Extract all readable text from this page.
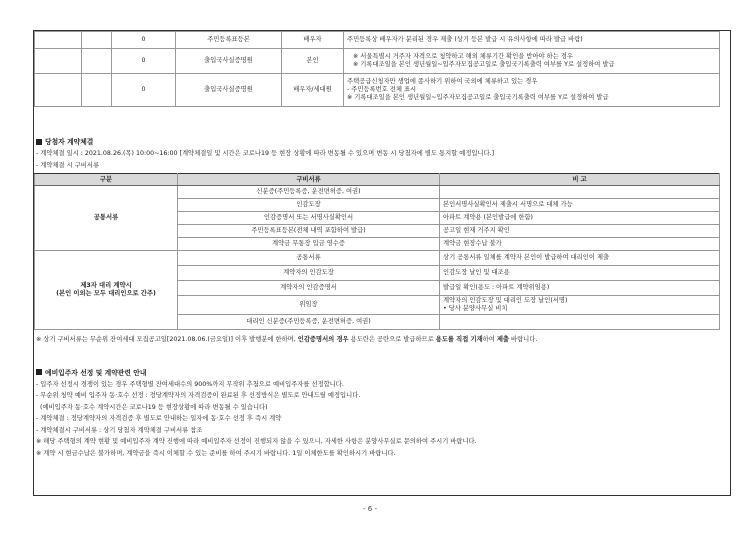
		0	주민등록표등본	배우자	주민등록상 배우자가 분리된 경우 제출 (상기 등본 발급 시 유의사항에 따라 발급 바람)
		0	출입국사실증명원	본인	※ 서울특별시 거주자 자격으로 청약하고 해외 체류기간 확인을 받아야 하는 경우
※ 기록대조일을 본인 생년월일~입주자모집공고일로 출입국기록출력 여부를 Y로 설정하여 발급

		0	출입국사실증명원	배우자/세대원	주택공급신청자만 생업에 종사하기 위하여 국외에 체류하고 있는 경우
- 주민등록번호 전체 표시
※ 기록대조일을 본인 생년월일~입주자모집공고일로 출입국기록출력 여부를 Y로 설정하여 발급
당첨자 계약체결
- 계약체결 일시 : 2021.08.26.(목) 10:00~16:00 [계약체결일 및 시간은 코로나19 등 현장 상황에 따라 변동될 수 있으며 변동 시 당첨자에 별도 통지할 예정입니다.]
- 계약체결 시 구비서류
구분	구비서류	비 고
공통서류	신분증(주민등록증, 운전면허증, 여권)	
	인감도장	본인서명사실확인서 제출시 서명으로 대체 가능
	인감증명서 또는 서명사실확인서	아파트 계약용 (본인발급에 한함)
	주민등록표등본(전체 내역 포함하여 발급)	공고일 현재 거주지 확인
	계약금 무통장 입금 영수증	계약금 현장수납 불가

제3자 대리 계약시
(본인 이외는 모두 대리인으로 간주)	공통서류	상기 공통서류 일체를 계약자 본인이 발급하여 대리인이 제출
	계약자의 인감도장	인감도장 날인 및 대조용
	계약자의 인감증명서	발급일 확인(용도 : 아파트 계약위임용)
	위임장	계약자의 인감도장 및 대리인 도장 날인(서명)
• 당사 분양사무실 비치

	대리인 신분증(주민등록증, 운전면허증, 여권)	
※ 상기 구비서류는 무순위 잔여세대 모집공고일[2021.08.06.(금요일)] 이후 발행분에 한하며, 인감증명서의 경우 용도란은 공란으로 발급하므로 용도를 직접 기재하여 제출 바랍니다.
예비입주자 선정 및 계약관련 안내
- 입주자 선정시 경쟁이 있는 경우 주택형별 잔여세대수의 900%까지 무작위 추첨으로 예비입주자를 선정합니다.
- 무순위 청약 예비 입주자 동·호수 선정 : 정당계약자의 자격검증이 완료된 후 선정방식은 별도로 안내드릴 예정입니다.
(예비입주자 동·호수 계약시간은 코로나19 등 현장상황에 따라 변동될 수 있습니다)
- 계약체결 : 정당계약자의 자격검증 후 별도로 안내하는 일자에 동·호수 선정 후 즉시 계약
- 계약체결시 구비서류 : 상기 당첨자 계약체결 구비서류 참조
※ 해당 주택형의 계약 현황 및 예비입주자 계약 진행에 따라 예비입주자 선정이 진행되지 않을 수 있으니, 자세한 사항은 분양사무실로 문의하여 주시기 바랍니다.
※ 계약 시 현금수납은 불가하며, 계약금을 즉시 이체할 수 있는 준비를 하여 주시기 바랍니다. 1일 이체한도를 확인하시기 바랍니다.
- 6 -
